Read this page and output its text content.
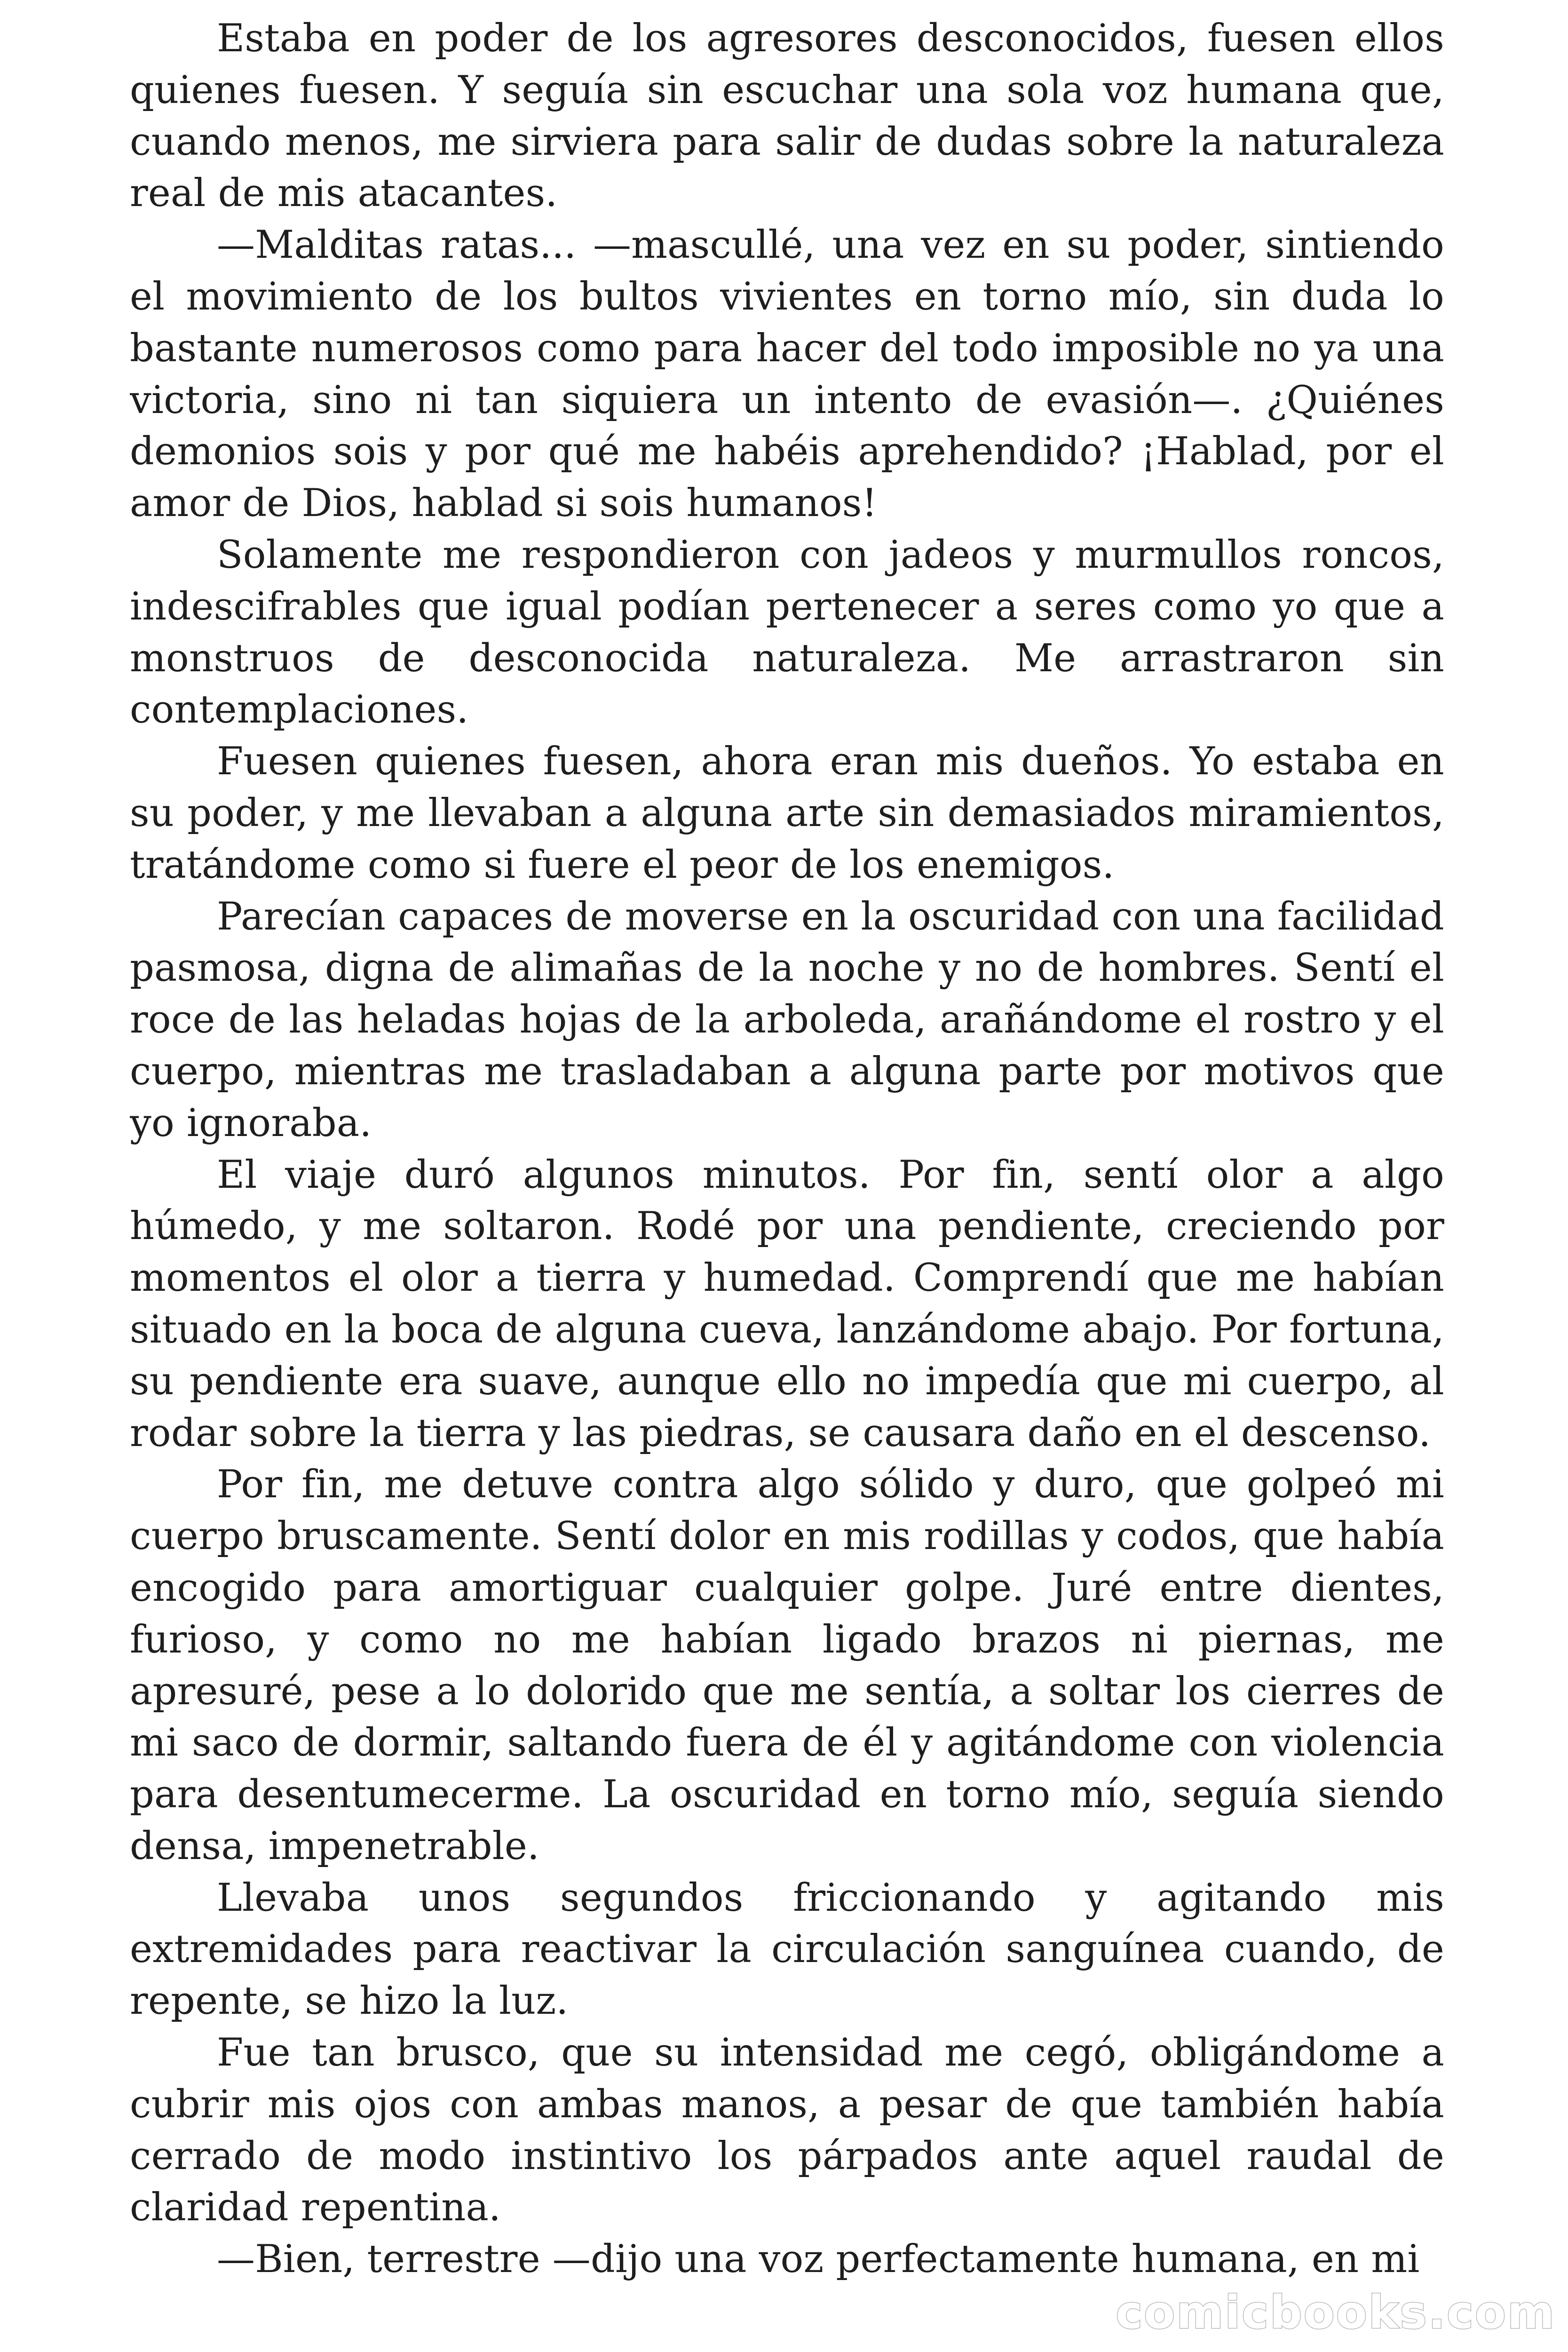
Estaba en poder de los agresores desconocidos, fuesen ellos quienes fuesen. Y seguía sin escuchar una sola voz humana que, cuando menos, me sirviera para salir de dudas sobre la naturaleza real de mis atacantes.

—Malditas ratas... —mascullé, una vez en su poder, sintiendo el movimiento de los bultos vivientes en torno mío, sin duda lo bastante numerosos como para hacer del todo imposible no ya una victoria, sino ni tan siquiera un intento de evasión—. ¿Quiénes demonios sois y por qué me habéis aprehendido? ¡Hablad, por el amor de Dios, hablad si sois humanos!

Solamente me respondieron con jadeos y murmullos roncos, indescifrables que igual podían pertenecer a seres como yo que a monstruos de desconocida naturaleza. Me arrastraron sin contemplaciones.

Fuesen quienes fuesen, ahora eran mis dueños. Yo estaba en su poder, y me llevaban a alguna arte sin demasiados miramientos, tratándome como si fuere el peor de los enemigos.

Parecían capaces de moverse en la oscuridad con una facilidad pasmosa, digna de alimañas de la noche y no de hombres. Sentí el roce de las heladas hojas de la arboleda, arañándome el rostro y el cuerpo, mientras me trasladaban a alguna parte por motivos que yo ignoraba.

El viaje duró algunos minutos. Por fin, sentí olor a algo húmedo, y me soltaron. Rodé por una pendiente, creciendo por momentos el olor a tierra y humedad. Comprendí que me habían situado en la boca de alguna cueva, lanzándome abajo. Por fortuna, su pendiente era suave, aunque ello no impedía que mi cuerpo, al rodar sobre la tierra y las piedras, se causara daño en el descenso.

Por fin, me detuve contra algo sólido y duro, que golpeó mi cuerpo bruscamente. Sentí dolor en mis rodillas y codos, que había encogido para amortiguar cualquier golpe. Juré entre dientes, furioso, y como no me habían ligado brazos ni piernas, me apresuré, pese a lo dolorido que me sentía, a soltar los cierres de mi saco de dormir, saltando fuera de él y agitándome con violencia para desentumecerme. La oscuridad en torno mío, seguía siendo densa, impenetrable.

Llevaba unos segundos friccionando y agitando mis extremidades para reactivar la circulación sanguínea cuando, de repente, se hizo la luz.

Fue tan brusco, que su intensidad me cegó, obligándome a cubrir mis ojos con ambas manos, a pesar de que también había cerrado de modo instintivo los párpados ante aquel raudal de claridad repentina.

—Bien, terrestre —dijo una voz perfectamente humana, en mi

comicbooks.com
